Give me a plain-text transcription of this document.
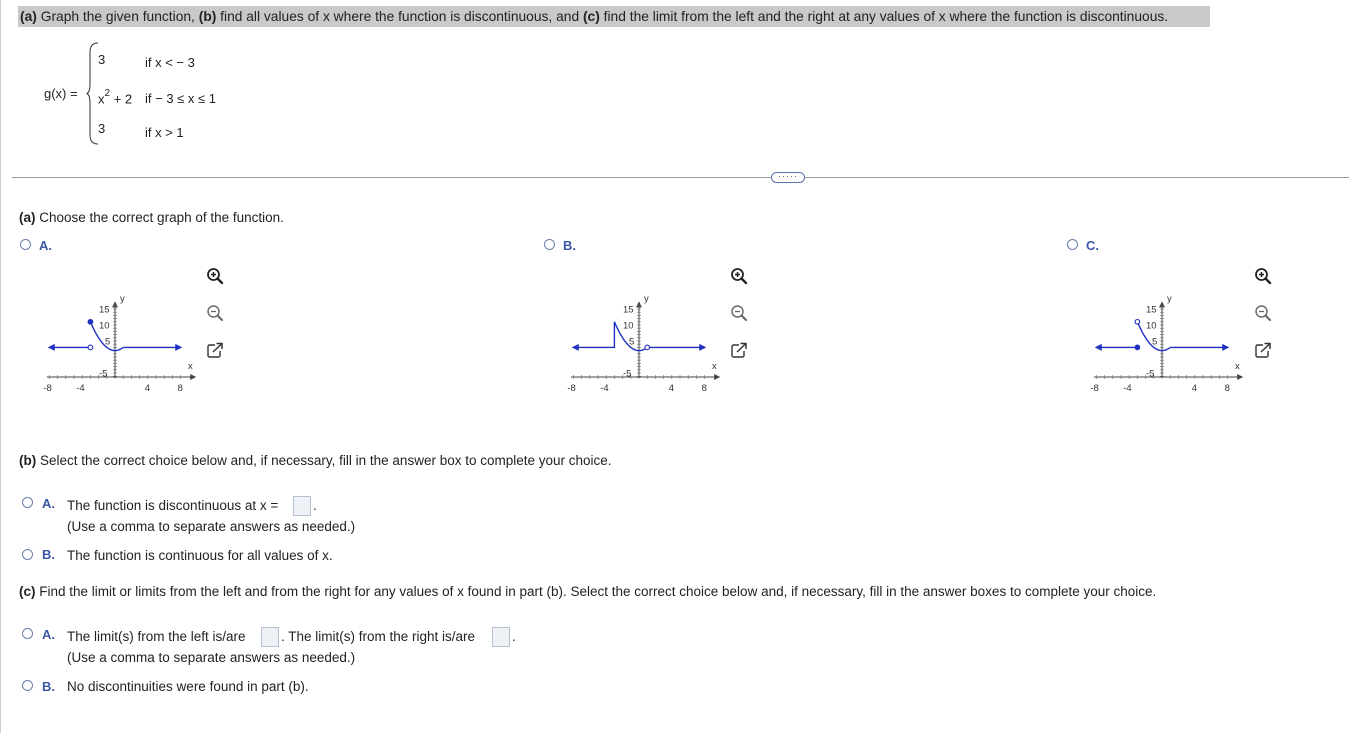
(a) Graph the given function, (b) find all values of x where the function is discontinuous, and (c) find the limit from the left and the right at any values of x where the function is discontinuous.
g(x) =
3	if x < − 3
$x^2 + 2$ if − 3 ≤ x ≤ 1
3	if x > 1
·····
(a) Choose the correct graph of the function.
(b) Select the correct choice below and, if necessary, fill in the answer box to complete your choice.
A. The function is discontinuous at x =	.
(Use a comma to separate answers as needed.)
B. The function is continuous for all values of x.
(c) Find the limit or limits from the left and from the right for any values of x found in part (b). Select the correct choice below and, if necessary, fill in the answer boxes to complete your choice.
A. The limit(s) from the left is/are	. The limit(s) from the right is/are	.
(Use a comma to separate answers as needed.)
B. No discontinuities were found in part (b).
A.
-8	-4	4	8
15
10
5
-5
x
y
B.
-8	-4	4	8
15
10
5
-5
x
y
C.
-8	-4	4	8
15
10
5
-5
x
y
